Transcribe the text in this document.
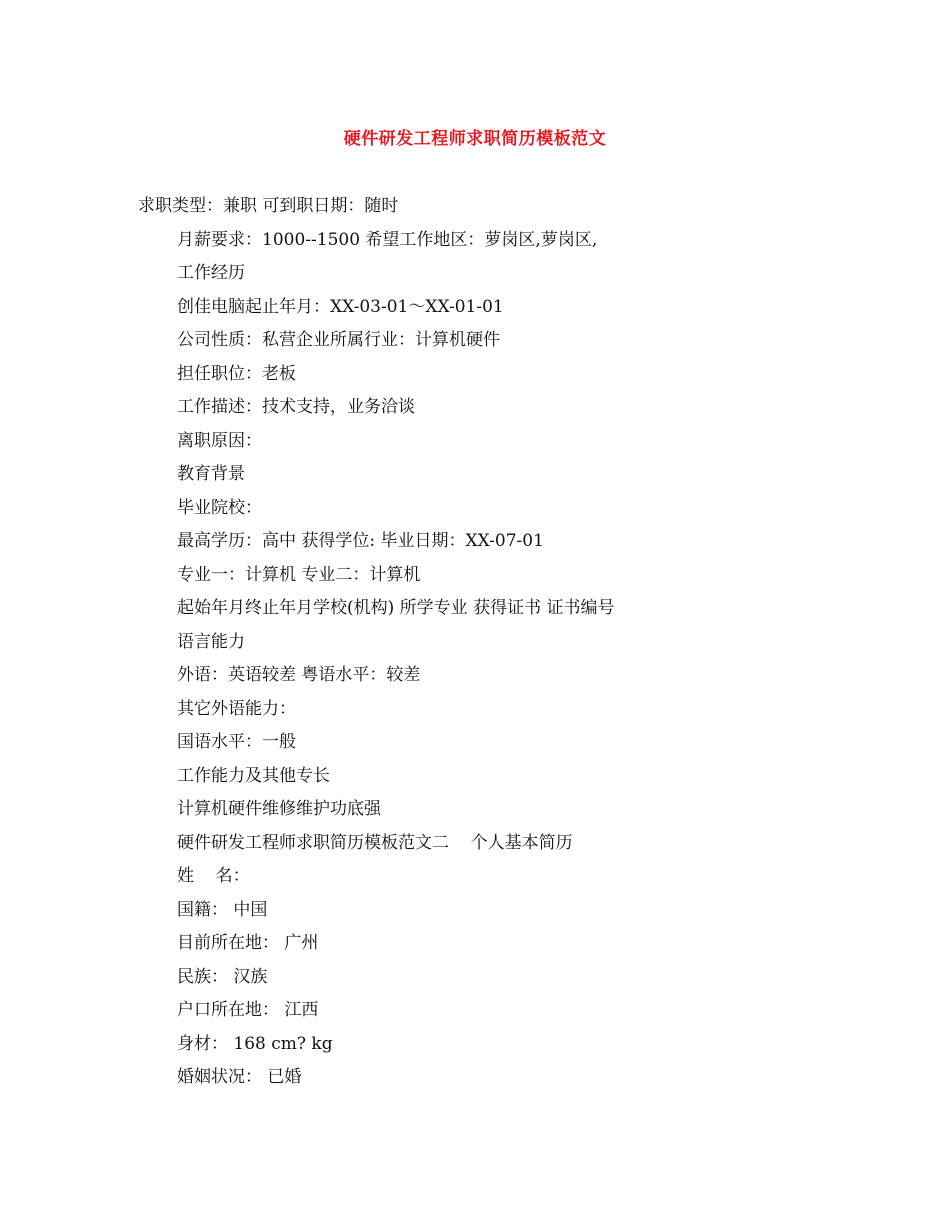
硬件研发工程师求职简历模板范文
求职类型：兼职 可到职日期：随时
月薪要求：1000--1500 希望工作地区：萝岗区,萝岗区,
工作经历
创佳电脑起止年月：XX-03-01～XX-01-01
公司性质：私营企业所属行业：计算机硬件
担任职位：老板
工作描述：技术支持，业务洽谈
离职原因：
教育背景
毕业院校：
最高学历：高中 获得学位: 毕业日期：XX-07-01
专业一：计算机 专业二：计算机
起始年月终止年月学校(机构) 所学专业 获得证书 证书编号
语言能力
外语：英语较差 粤语水平：较差
其它外语能力：
国语水平：一般
工作能力及其他专长
计算机硬件维修维护功底强
硬件研发工程师求职简历模板范文二    个人基本简历
姓    名：
国籍： 中国
目前所在地： 广州
民族： 汉族
户口所在地： 江西
身材： 168 cm? kg
婚姻状况： 已婚
